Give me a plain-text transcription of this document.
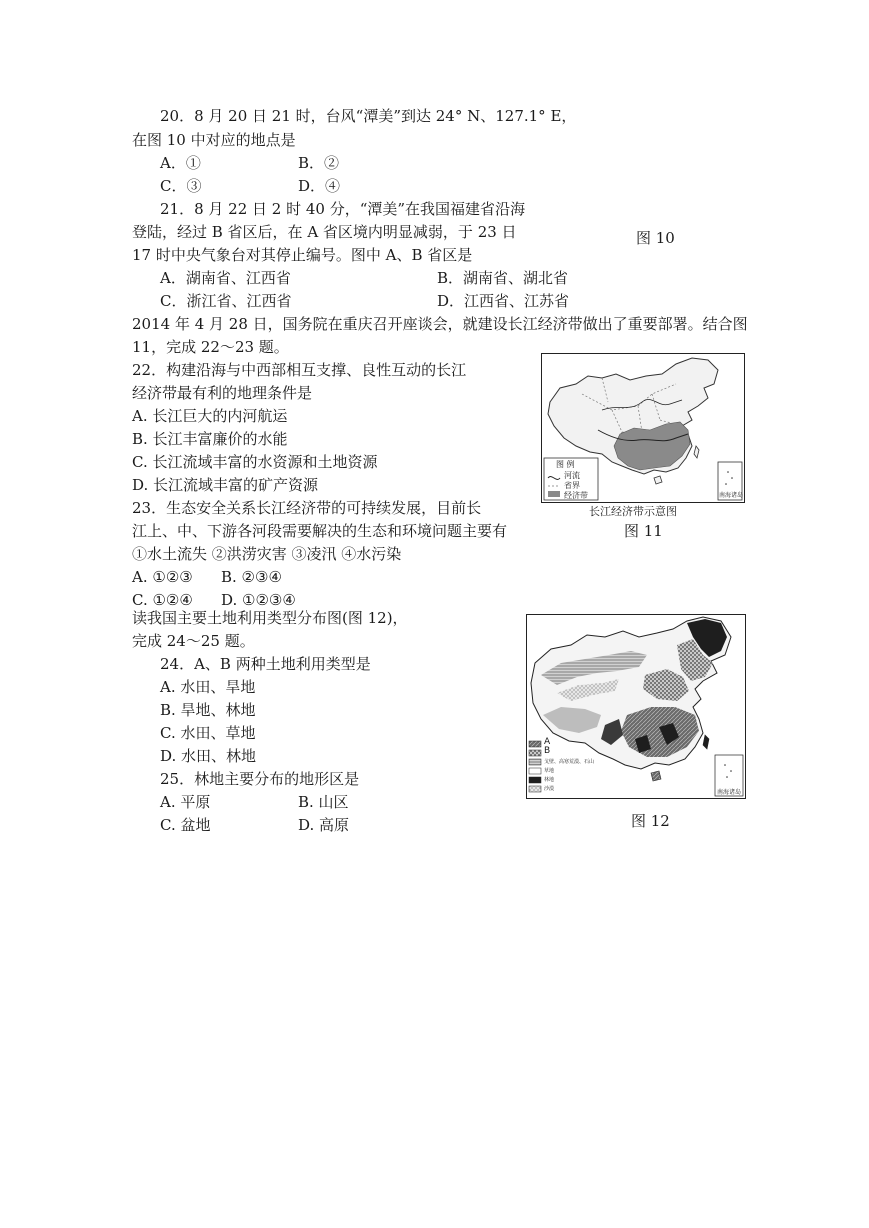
20．8 月 20 日 21 时，台风“潭美”到达 24° N、127.1° E，
在图 10 中对应的地点是
A．①	B．②
C．③	D．④
21．8 月 22 日 2 时 40 分，“潭美”在我国福建省沿海
登陆，经过 B 省区后，在 A 省区境内明显减弱，于 23 日
17 时中央气象台对其停止编号。图中 A、B 省区是
A．湖南省、江西省	B．湖南省、湖北省
C．浙江省、江西省	D．江西省、江苏省
图 10
2014 年 4 月 28 日，国务院在重庆召开座谈会，就建设长江经济带做出了重要部署。结合图
11，完成 22～23 题。
22．构建沿海与中西部相互支撑、良性互动的长江
经济带最有利的地理条件是
A. 长江巨大的内河航运
B. 长江丰富廉价的水能
C. 长江流域丰富的水资源和土地资源
D. 长江流域丰富的矿产资源
23．生态安全关系长江经济带的可持续发展，目前长
江上、中、下游各河段需要解决的生态和环境问题主要有
①水土流失 ②洪涝灾害 ③凌汛 ④水污染
A. ①②③ B. ②③④
C. ①②④ D. ①②③④
图 例
河流
省界
经济带	南海诸岛
长江经济带示意图
图 11
读我国主要土地利用类型分布图(图 12)，
完成 24～25 题。
24．A、B 两种土地利用类型是
A. 水田、旱地
B. 旱地、林地
C. 水田、草地
D. 水田、林地
25．林地主要分布的地形区是
A. 平原	B. 山区
C. 盆地	D. 高原
A
B
戈壁、高寒荒漠、石山
草地
林地
沙漠	南海诸岛
图 12
